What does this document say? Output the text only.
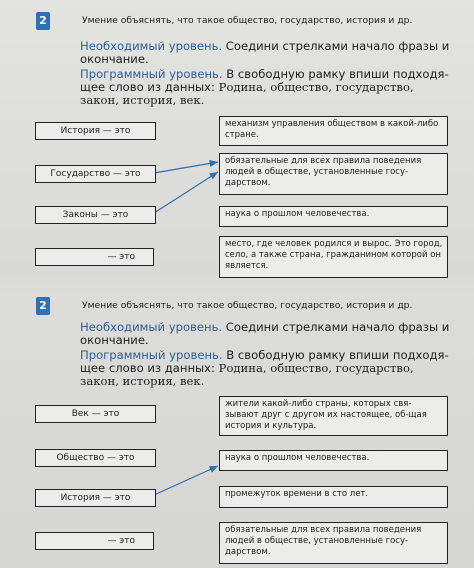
2	Умение объяснять, что такое общество, государство, история и др.

Необходимый уровень. Соедини стрелками начало фразы и окончание.

Программный уровень. В свободную рамку впиши подходя-щее слово из данных: Родина, общество, государство, закон, история, век.

История — это
Государство — это
Законы — это
— это
механизм управления обществом в какой-либо стране.
обязательные для всех правила поведения людей в обществе, установленные госу-дарством.
наука о прошлом человечества.
место, где человек родился и вырос. Это город, село, а также страна, гражданином которой он является.
2	Умение объяснять, что такое общество, государство, история и др.

Необходимый уровень. Соедини стрелками начало фразы и окончание.

Программный уровень. В свободную рамку впиши подходя-щее слово из данных: Родина, общество, государство, закон, история, век.

Век — это
Общество — это
История — это
— это
жители какой-либо страны, которых свя-зывают друг с другом их настоящее, об-щая история и культура.
наука о прошлом человечества.
промежуток времени в сто лет.
обязательные для всех правила поведения людей в обществе, установленные госу-дарством.
